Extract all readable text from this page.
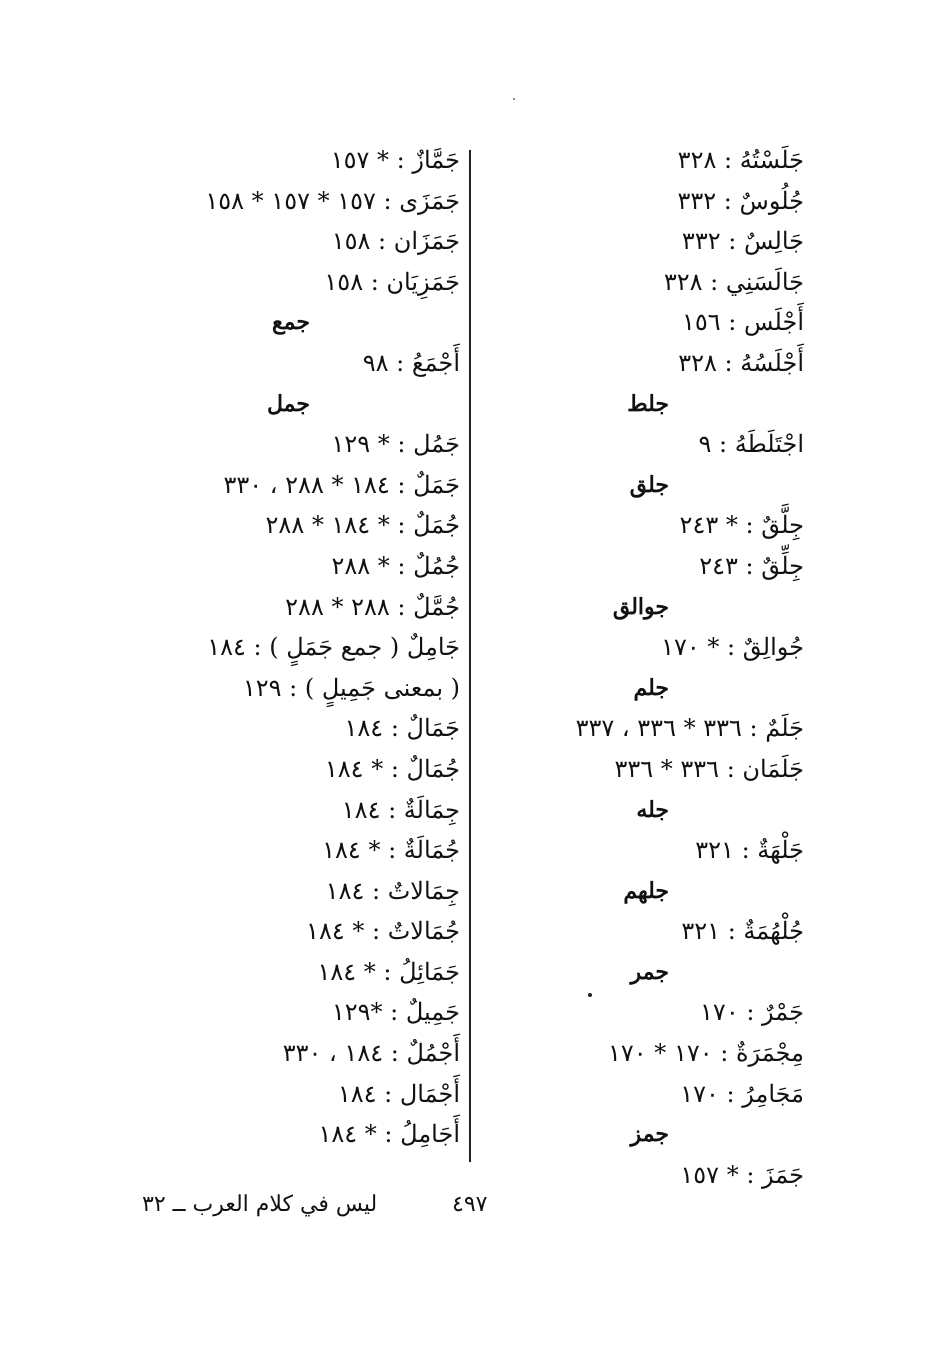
جَلَسْتُهُ : ٣٢٨
جُلُوسٌ : ٣٣٢
جَالِسٌ : ٣٣٢
جَالَسَنِي : ٣٢٨
أَجْلَس : ١٥٦
أَجْلَسُهُ : ٣٢٨
جلط
اجْتَلَطَهُ : ٩
جلق
جِلَّقٌ : * ٢٤٣
جِلِّقٌ : ٢٤٣
جوالق
جُوالِقٌ : * ١٧٠
جلم
جَلَمٌ : ٣٣٦ * ٣٣٦ ، ٣٣٧
جَلَمَان : ٣٣٦ * ٣٣٦
جله
جَلْهَةٌ : ٣٢١
جلهم
جُلْهُمَةٌ : ٣٢١
جمر
جَمْرٌ : ١٧٠
مِجْمَرَةٌ : ١٧٠ * ١٧٠
مَجَامِرُ : ١٧٠
جمز
جَمَزَ : * ١٥٧
جَمَّازٌ : * ١٥٧
جَمَزَى : ١٥٧ * ١٥٧ * ١٥٨
جَمَزَان : ١٥٨
جَمَزِيَان : ١٥٨
جمع
أَجْمَعُ : ٩٨
جمل
جَمُل : * ١٢٩
جَمَلٌ : ١٨٤ * ٢٨٨ ، ٣٣٠
جُمَلٌ : * ١٨٤ * ٢٨٨
جُمُلٌ : * ٢٨٨
جُمَّلٌ : ٢٨٨ * ٢٨٨
جَامِلٌ ( جمع جَمَلٍ ) : ١٨٤
( بمعنى جَمِيلٍ ) : ١٢٩
جَمَالٌ : ١٨٤
جُمَالٌ : * ١٨٤
جِمَالَةٌ : ١٨٤
جُمَالَةٌ : * ١٨٤
جِمَالاتٌ : ١٨٤
جُمَالاتٌ : * ١٨٤
جَمَائِلُ : * ١٨٤
جَمِيلٌ : *١٢٩
أَجْمُلٌ : ١٨٤ ، ٣٣٠
أَجْمَال : ١٨٤
أَجَامِلُ : * ١٨٤
٤٩٧
ليس في كلام العرب ــ ٣٢
